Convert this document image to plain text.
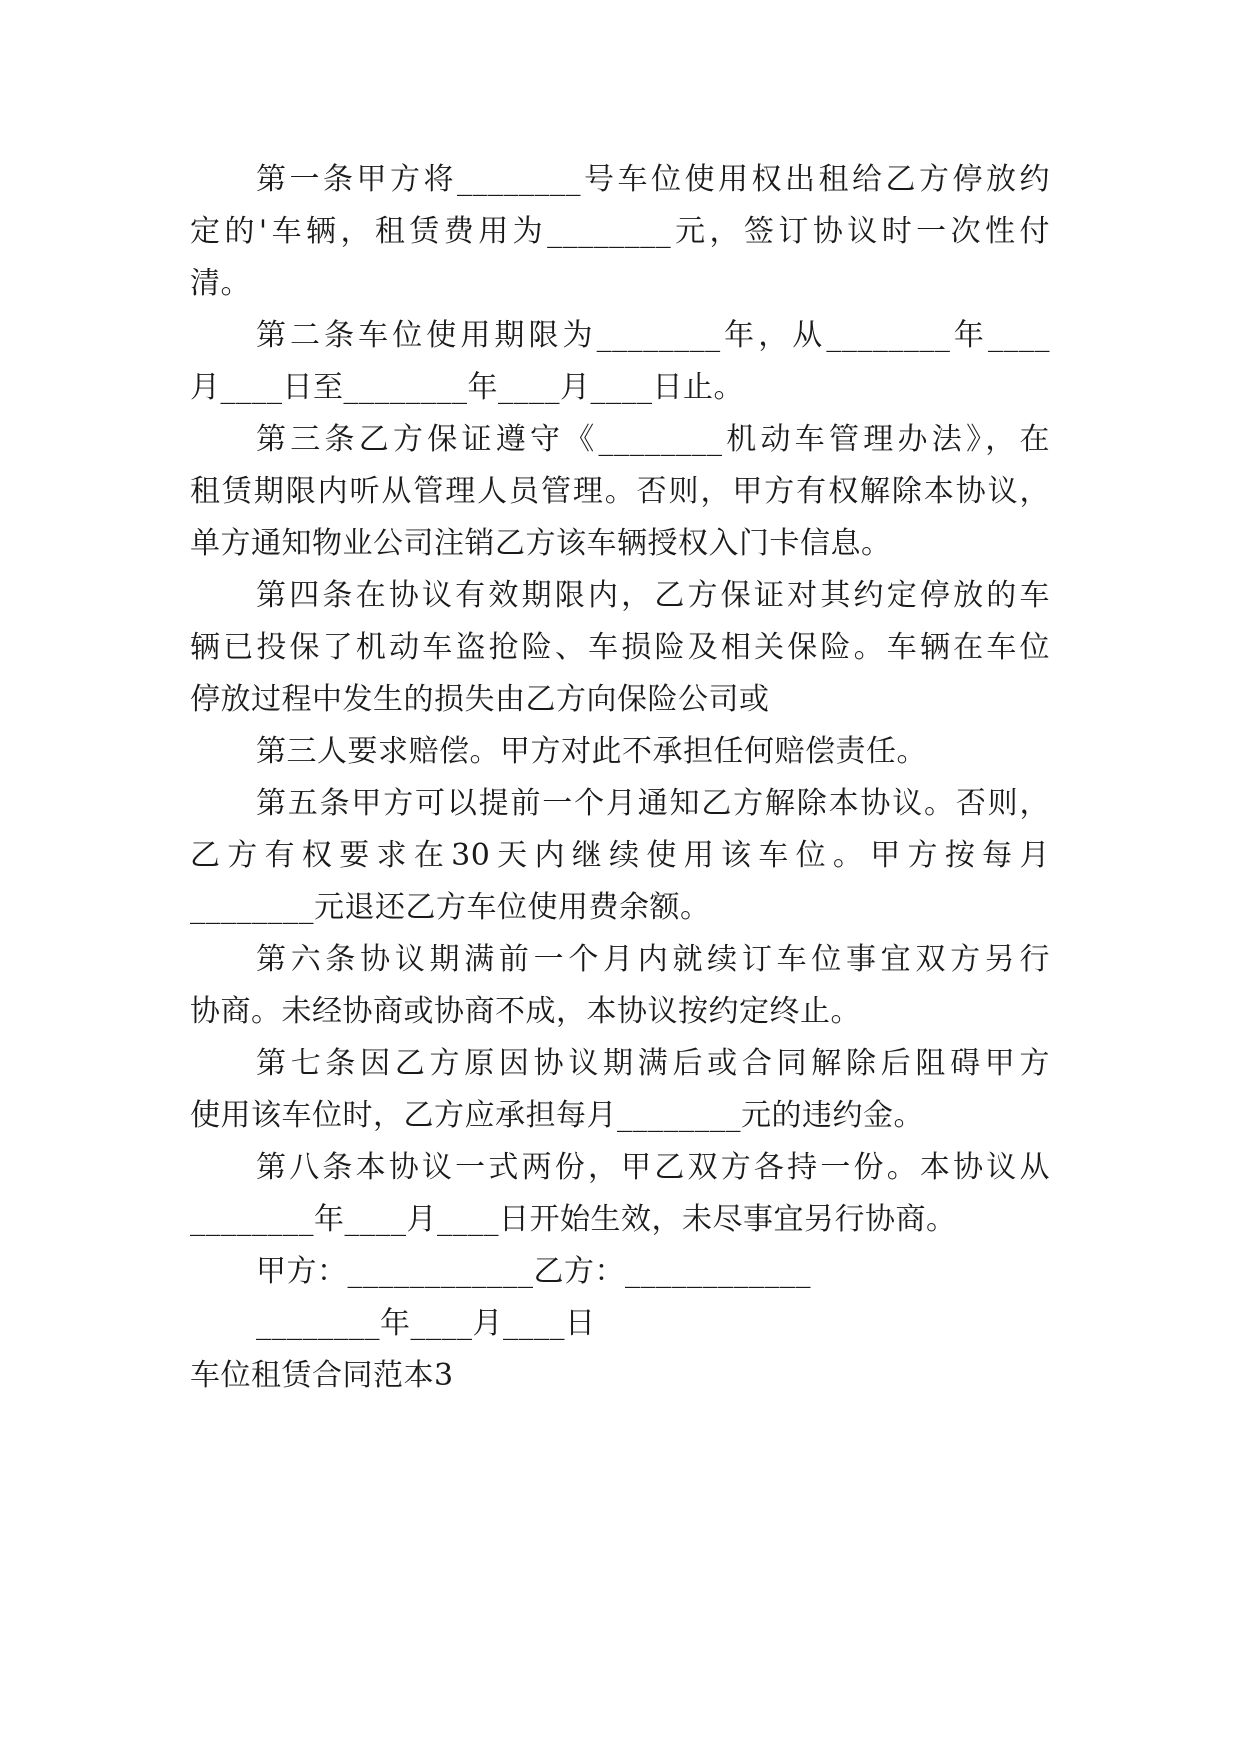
第一条甲方将________号车位使用权出租给乙方停放约
定的'车辆，租赁费用为________元，签订协议时一次性付
清。
第二条车位使用期限为________年，从________年____
月____日至________年____月____日止。
第三条乙方保证遵守《________机动车管理办法》，在
租赁期限内听从管理人员管理。否则，甲方有权解除本协议，
单方通知物业公司注销乙方该车辆授权入门卡信息。
第四条在协议有效期限内，乙方保证对其约定停放的车
辆已投保了机动车盗抢险、车损险及相关保险。车辆在车位
停放过程中发生的损失由乙方向保险公司或
第三人要求赔偿。甲方对此不承担任何赔偿责任。
第五条甲方可以提前一个月通知乙方解除本协议。否则，
乙方有权要求在30天内继续使用该车位。甲方按每月
________元退还乙方车位使用费余额。
第六条协议期满前一个月内就续订车位事宜双方另行
协商。未经协商或协商不成，本协议按约定终止。
第七条因乙方原因协议期满后或合同解除后阻碍甲方
使用该车位时，乙方应承担每月________元的违约金。
第八条本协议一式两份，甲乙双方各持一份。本协议从
________年____月____日开始生效，未尽事宜另行协商。
甲方：____________乙方：____________
________年____月____日
车位租赁合同范本3
